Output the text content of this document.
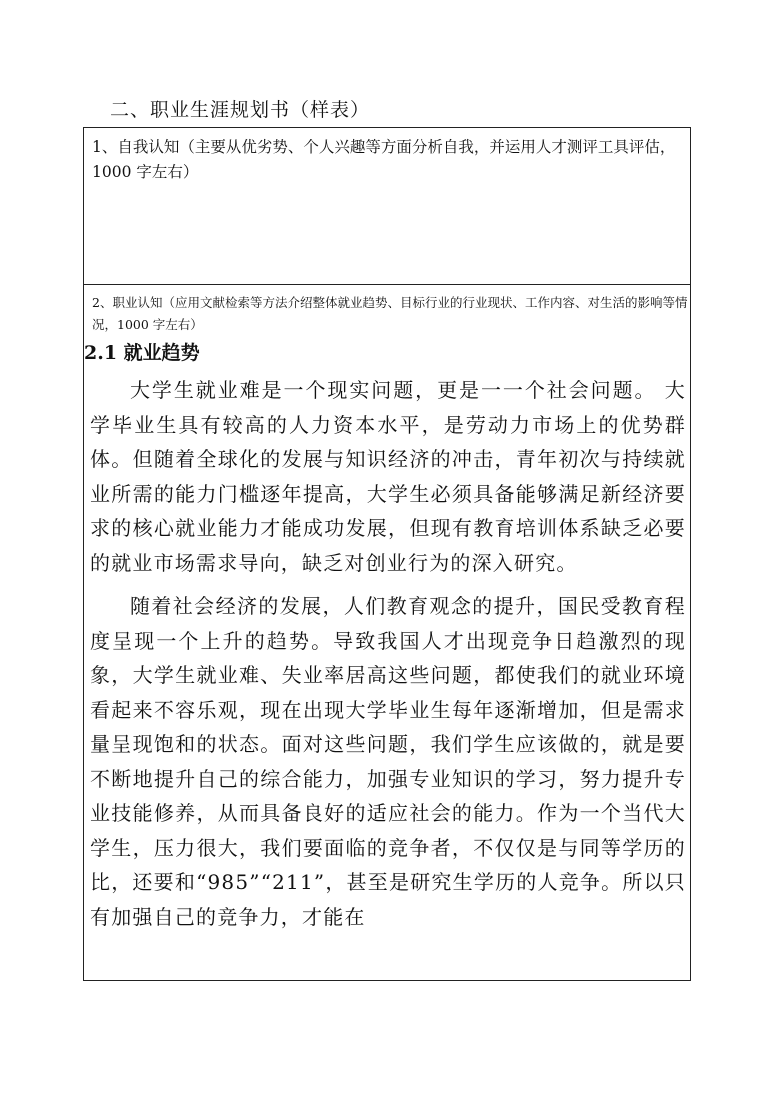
二、职业生涯规划书（样表）

1、自我认知（主要从优劣势、个人兴趣等方面分析自我，并运用人才测评工具评估，1000 字左右）

2、职业认知（应用文献检索等方法介绍整体就业趋势、目标行业的行业现状、工作内容、对生活的影响等情况，1000 字左右）

2.1 就业趋势

大学生就业难是一个现实问题，更是一一个社会问题。 大学毕业生具有较高的人力资本水平，是劳动力市场上的优势群体。但随着全球化的发展与知识经济的冲击，青年初次与持续就业所需的能力门槛逐年提高，大学生必须具备能够满足新经济要求的核心就业能力才能成功发展，但现有教育培训体系缺乏必要的就业市场需求导向，缺乏对创业行为的深入研究。

随着社会经济的发展，人们教育观念的提升，国民受教育程度呈现一个上升的趋势。导致我国人才出现竞争日趋激烈的现象，大学生就业难、失业率居高这些问题，都使我们的就业环境看起来不容乐观，现在出现大学毕业生每年逐渐增加，但是需求量呈现饱和的状态。面对这些问题，我们学生应该做的，就是要不断地提升自己的综合能力，加强专业知识的学习，努力提升专业技能修养，从而具备良好的适应社会的能力。作为一个当代大学生，压力很大，我们要面临的竞争者，不仅仅是与同等学历的比，还要和“985”“211”，甚至是研究生学历的人竞争。所以只有加强自己的竞争力，才能在
